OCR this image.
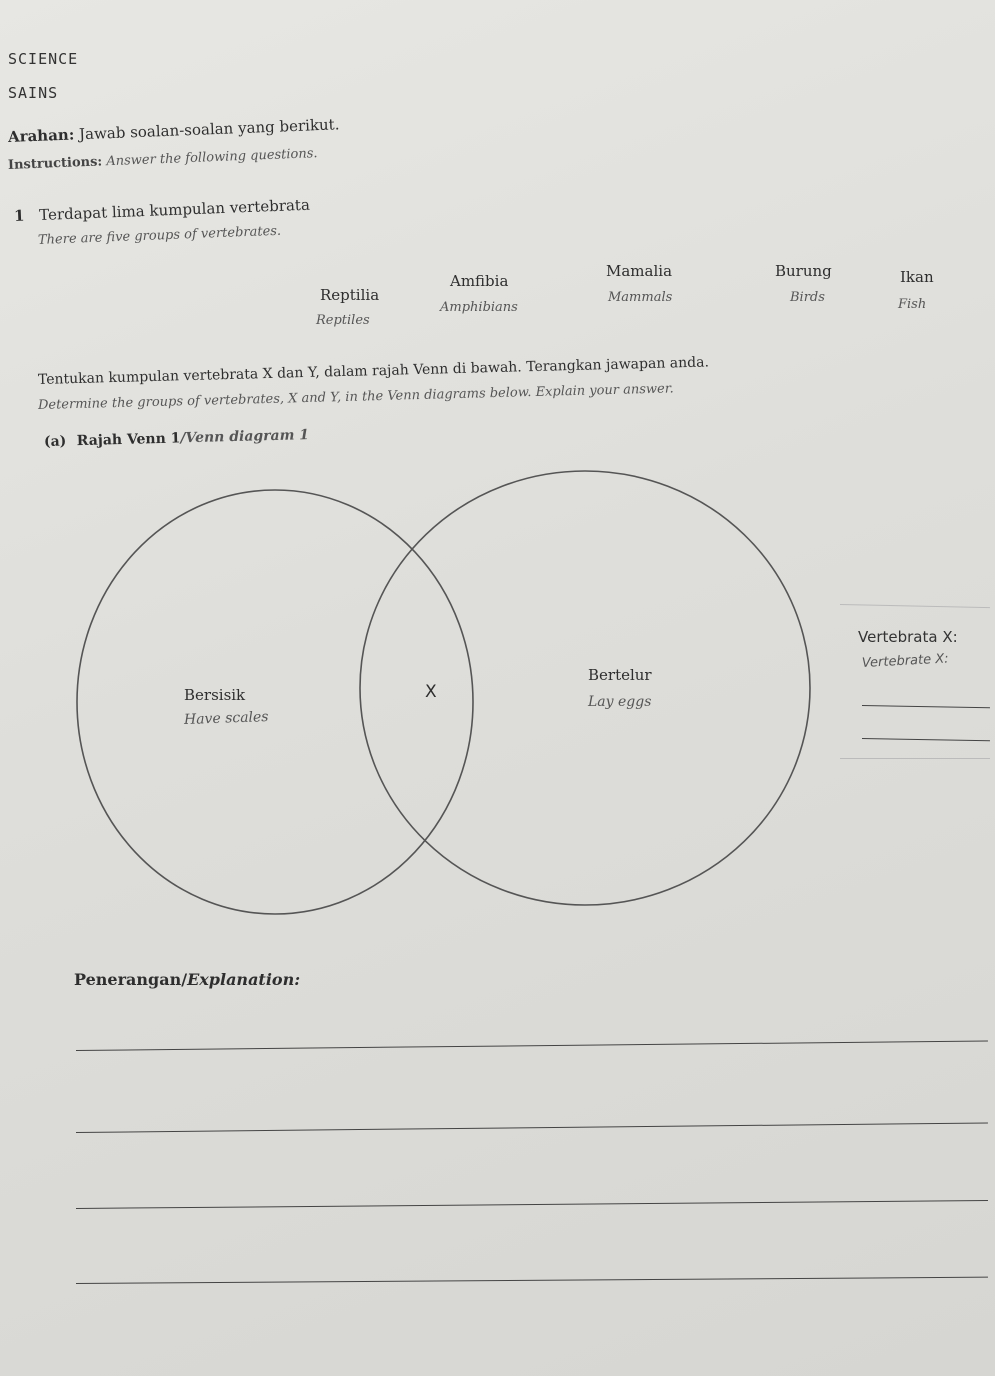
SCIENCE
SAINS
Arahan: Jawab soalan-soalan yang berikut.
Instructions: Answer the following questions.
1 Terdapat lima kumpulan vertebrata
There are five groups of vertebrates.
Reptilia
Reptiles
Amfibia
Amphibians
Mamalia
Mammals
Burung
Birds
Ikan
Fish
Tentukan kumpulan vertebrata X dan Y, dalam rajah Venn di bawah. Terangkan jawapan anda.
Determine the groups of vertebrates, X and Y, in the Venn diagrams below. Explain your answer.
(a) Rajah Venn 1/Venn diagram 1
Bersisik
Have scales
X
Bertelur
Lay eggs
Vertebrata X:
Vertebrate X:
Penerangan/Explanation:
